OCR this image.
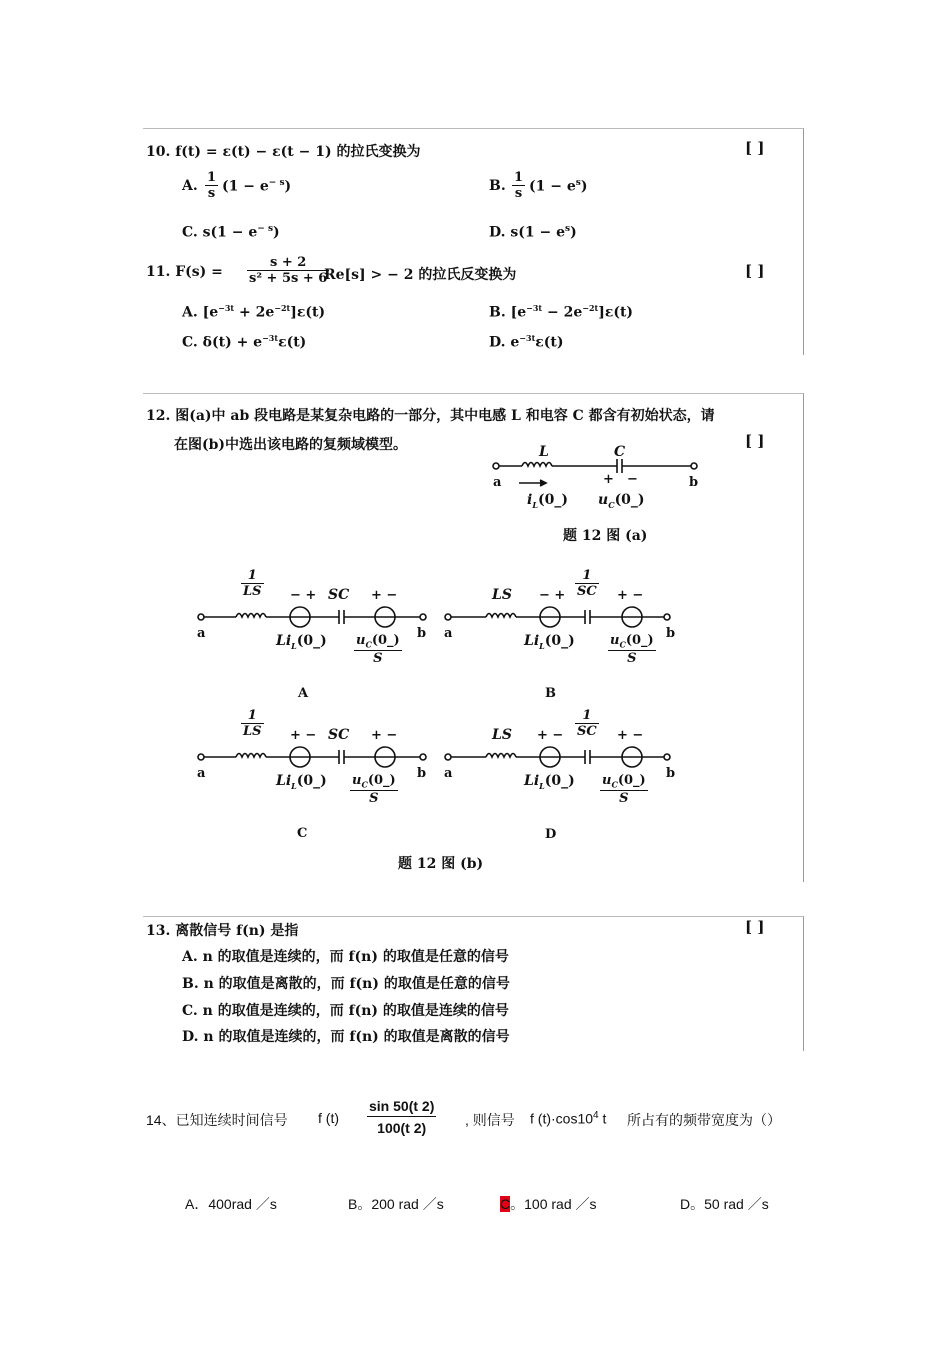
10. f(t) = ε(t) − ε(t − 1) 的拉氏变换为	[ ]
A. $\frac{1}{s} (1 - e^{- s})$	B. $\frac{1}{s} (1 - e^s)$
C. $s(1 - e^{- s})$	D. $s(1 - e^s)$
11. $F(s) = \frac{s + 2}{\text{s² + 5s + 6}}$
Re[s] > − 2 的拉氏反变换为	[ ]
A. $[e^{-3t} + 2e^{-2t}]\varepsilon(t)$	B. $[e^{-3t} - 2e^{-2t}]\varepsilon(t)$
C. $\delta(t) + e^{-3t}\varepsilon(t)$	D. $e^{-3t}\varepsilon(t)$
12. 图(a)中 ab 段电路是某复杂电路的一部分，其中电感 L 和电容 C 都含有初始状态，请
在图(b)中选出该电路的复频域模型。	[ ]
L	C
a	b
+ −
$i_L(0\_)$ $u_C(0\_)$
题 12 图 (a)
$\frac{1}{LS}$ − + SC + −
$Li_L(0\_) \frac{u_C(0\_)}{S}$
a	b
A
LS − + $\frac{1}{SC}$ + −
$Li_L(0\_)$	$\frac{u_C(0\_)}{S}$
a	b
B
$\frac{1}{LS}$ + − SC + −
$Li_L(0\_) \frac{u_C(0\_)}{S}$
a	b
C
LS + − $\frac{1}{SC}$ + −
$Li_L(0\_) \frac{u_C(0\_)}{S}$
a	b
D
题 12 图 (b)
13. 离散信号 f(n) 是指	[ ]
A. n 的取值是连续的，而 f(n) 的取值是任意的信号
B. n 的取值是离散的，而 f(n) 的取值是任意的信号
C. n 的取值是连续的，而 f(n) 的取值是连续的信号
D. n 的取值是连续的，而 f(n) 的取值是离散的信号
14、已知连续时间信号 f $(t) \frac{\sin 50(t 2)}{100(t 2)}$ , 则信号 f $(t)\cdot\cos 10^4$ t 所占有的频带宽度为（）
A．400rad ／s	B。200 rad ／s	C。100 rad ／s	D。50 rad ／s
